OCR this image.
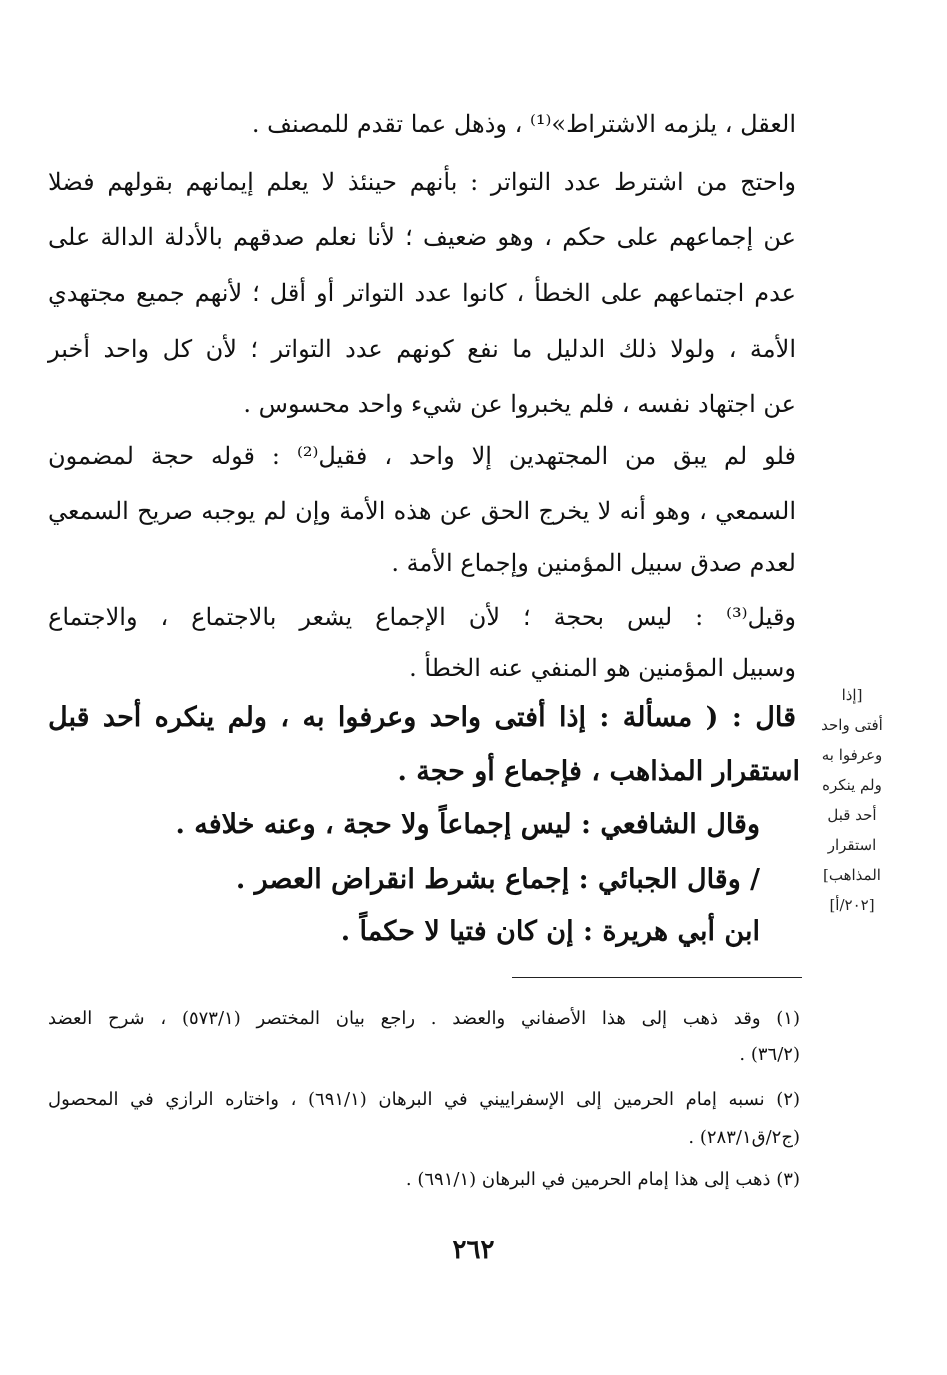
العقل ، يلزمه الاشتراط»⁽¹⁾ ، وذهل عما تقدم للمصنف .
واحتج من اشترط عدد التواتر : بأنهم حينئذ لا يعلم إيمانهم بقولهم فضلا
عن إجماعهم على حكم ، وهو ضعيف ؛ لأنا نعلم صدقهم بالأدلة الدالة على
عدم اجتماعهم على الخطأ ، كانوا عدد التواتر أو أقل ؛ لأنهم جميع مجتهدي
الأمة ، ولولا ذلك الدليل ما نفع كونهم عدد التواتر ؛ لأن كل واحد أخبر
عن اجتهاد نفسه ، فلم يخبروا عن شيء واحد محسوس .
فلو لم يبق من المجتهدين إلا واحد ، فقيل⁽²⁾ : قوله حجة لمضمون
السمعي ، وهو أنه لا يخرج الحق عن هذه الأمة وإن لم يوجبه صريح السمعي
لعدم صدق سبيل المؤمنين وإجماع الأمة .
وقيل⁽³⁾ : ليس بحجة ؛ لأن الإجماع يشعر بالاجتماع ، والاجتماع
وسبيل المؤمنين هو المنفي عنه الخطأ .
قال : ( مسألة : إذا أفتى واحد وعرفوا به ، ولم ينكره أحد قبل
استقرار المذاهب ، فإجماع أو حجة .
وقال الشافعي : ليس إجماعاً ولا حجة ، وعنه خلافه .
/ وقال الجبائي : إجماع بشرط انقراض العصر .
ابن أبي هريرة : إن كان فتيا لا حكماً .
[إذا
أفتى واحد
وعرفوا به
ولم ينكره
أحد قبل
استقرار
المذاهب]
[٢٠٢/أ]
(١) وقد ذهب إلى هذا الأصفاني والعضد . راجع بيان المختصر (٥٧٣/١) ، شرح العضد
(٣٦/٢) .
(٢) نسبه إمام الحرمين إلى الإسفراييني في البرهان (٦٩١/١) ، واختاره الرازي في المحصول
(ج٢/ق٢٨٣/١) .
(٣) ذهب إلى هذا إمام الحرمين في البرهان (٦٩١/١) .
٢٦٢
